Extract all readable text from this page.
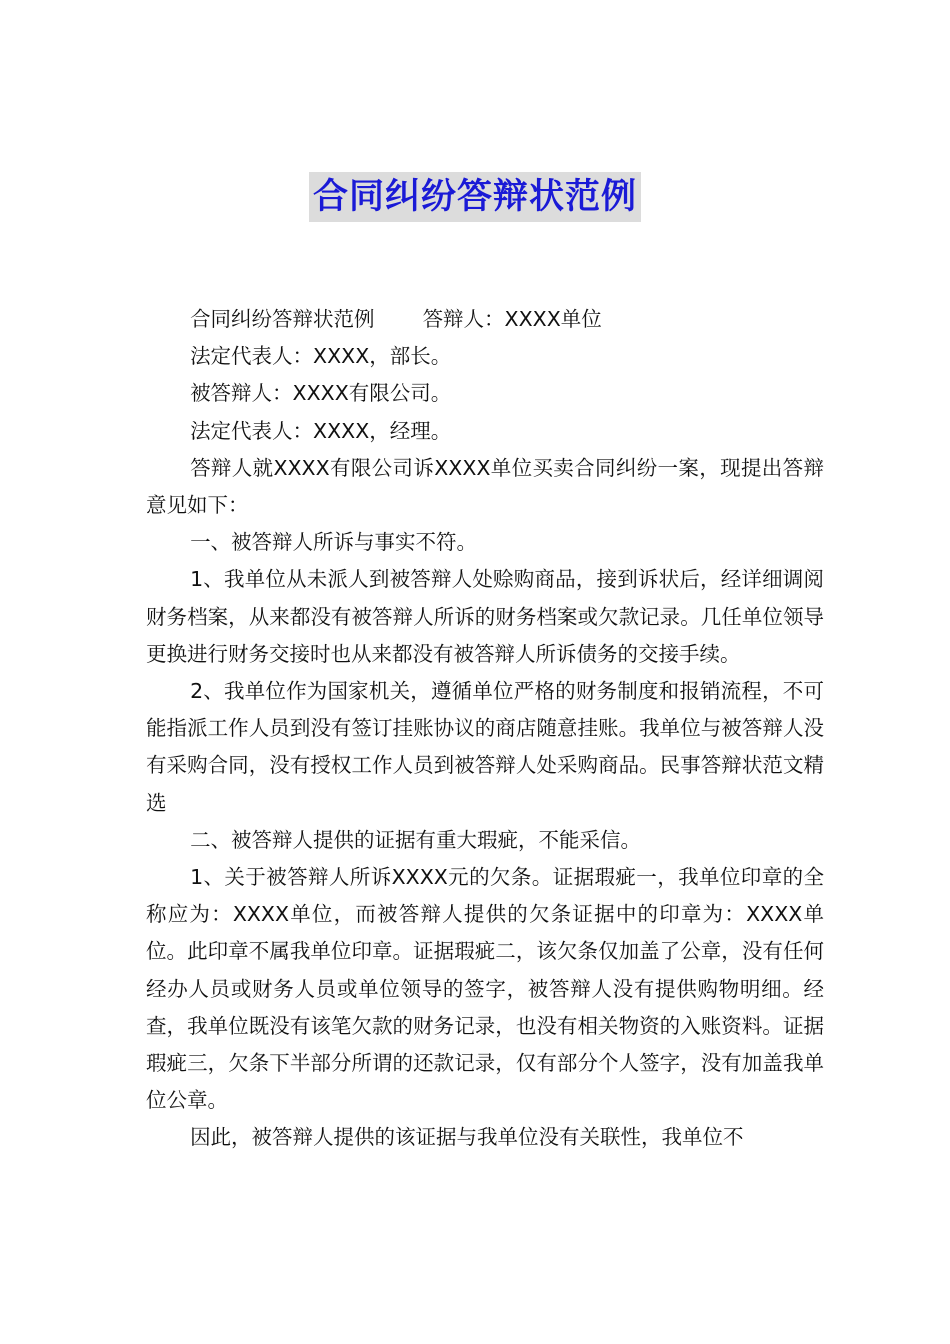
合同纠纷答辩状范例

合同纠纷答辩状范例 答辩人：XXXX单位

法定代表人：XXXX，部长。

被答辩人：XXXX有限公司。

法定代表人：XXXX，经理。

答辩人就XXXX有限公司诉XXXX单位买卖合同纠纷一案，现提出答辩意见如下：

一、被答辩人所诉与事实不符。

1、我单位从未派人到被答辩人处赊购商品，接到诉状后，经详细调阅财务档案，从来都没有被答辩人所诉的财务档案或欠款记录。几任单位领导更换进行财务交接时也从来都没有被答辩人所诉债务的交接手续。

2、我单位作为国家机关，遵循单位严格的财务制度和报销流程，不可能指派工作人员到没有签订挂账协议的商店随意挂账。我单位与被答辩人没有采购合同，没有授权工作人员到被答辩人处采购商品。民事答辩状范文精选

二、被答辩人提供的证据有重大瑕疵，不能采信。

1、关于被答辩人所诉XXXX元的欠条。证据瑕疵一，我单位印章的全称应为：XXXX单位，而被答辩人提供的欠条证据中的印章为：XXXX单位。此印章不属我单位印章。证据瑕疵二，该欠条仅加盖了公章，没有任何经办人员或财务人员或单位领导的签字，被答辩人没有提供购物明细。经查，我单位既没有该笔欠款的财务记录，也没有相关物资的入账资料。证据瑕疵三，欠条下半部分所谓的还款记录，仅有部分个人签字，没有加盖我单位公章。

因此，被答辩人提供的该证据与我单位没有关联性，我单位不
